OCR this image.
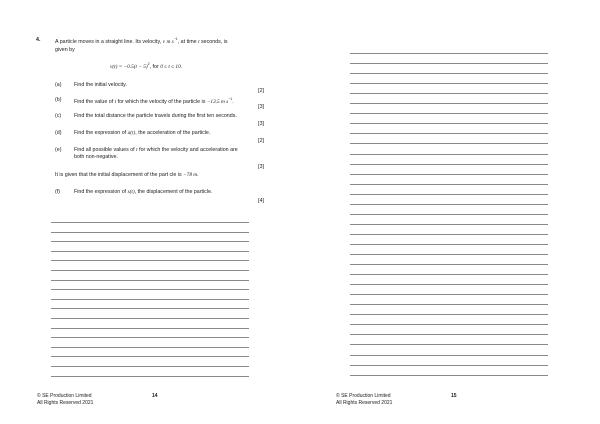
4.	A particle moves in a straight line. Its velocity, v m $s^{-1}$, at time t seconds, is
given by
$v(t) = -0.5(t - 5)^2$, for 0 ≤ t ≤ 10.
(a) Find the initial velocity.
[2]
(b) Find the value of t for which the velocity of the particle is −13.5 m $s^{-1}$.
[3]
(c) Find the total distance the particle travels during the first ten seconds.
[3]
(d) Find the expression of a(t), the acceleration of the particle.
[2]
(e) Find all possible values of t for which the velocity and acceleration are
both non-negative.
[3]
It is given that the initial displacement of the part cle is −78 m.
(f)	Find the expression of s(t), the displacement of the particle.
[4]
© SE Production Limited
All Rights Reserved 2021
14	© SE Production Limited
All Rights Reserved 2021
15
